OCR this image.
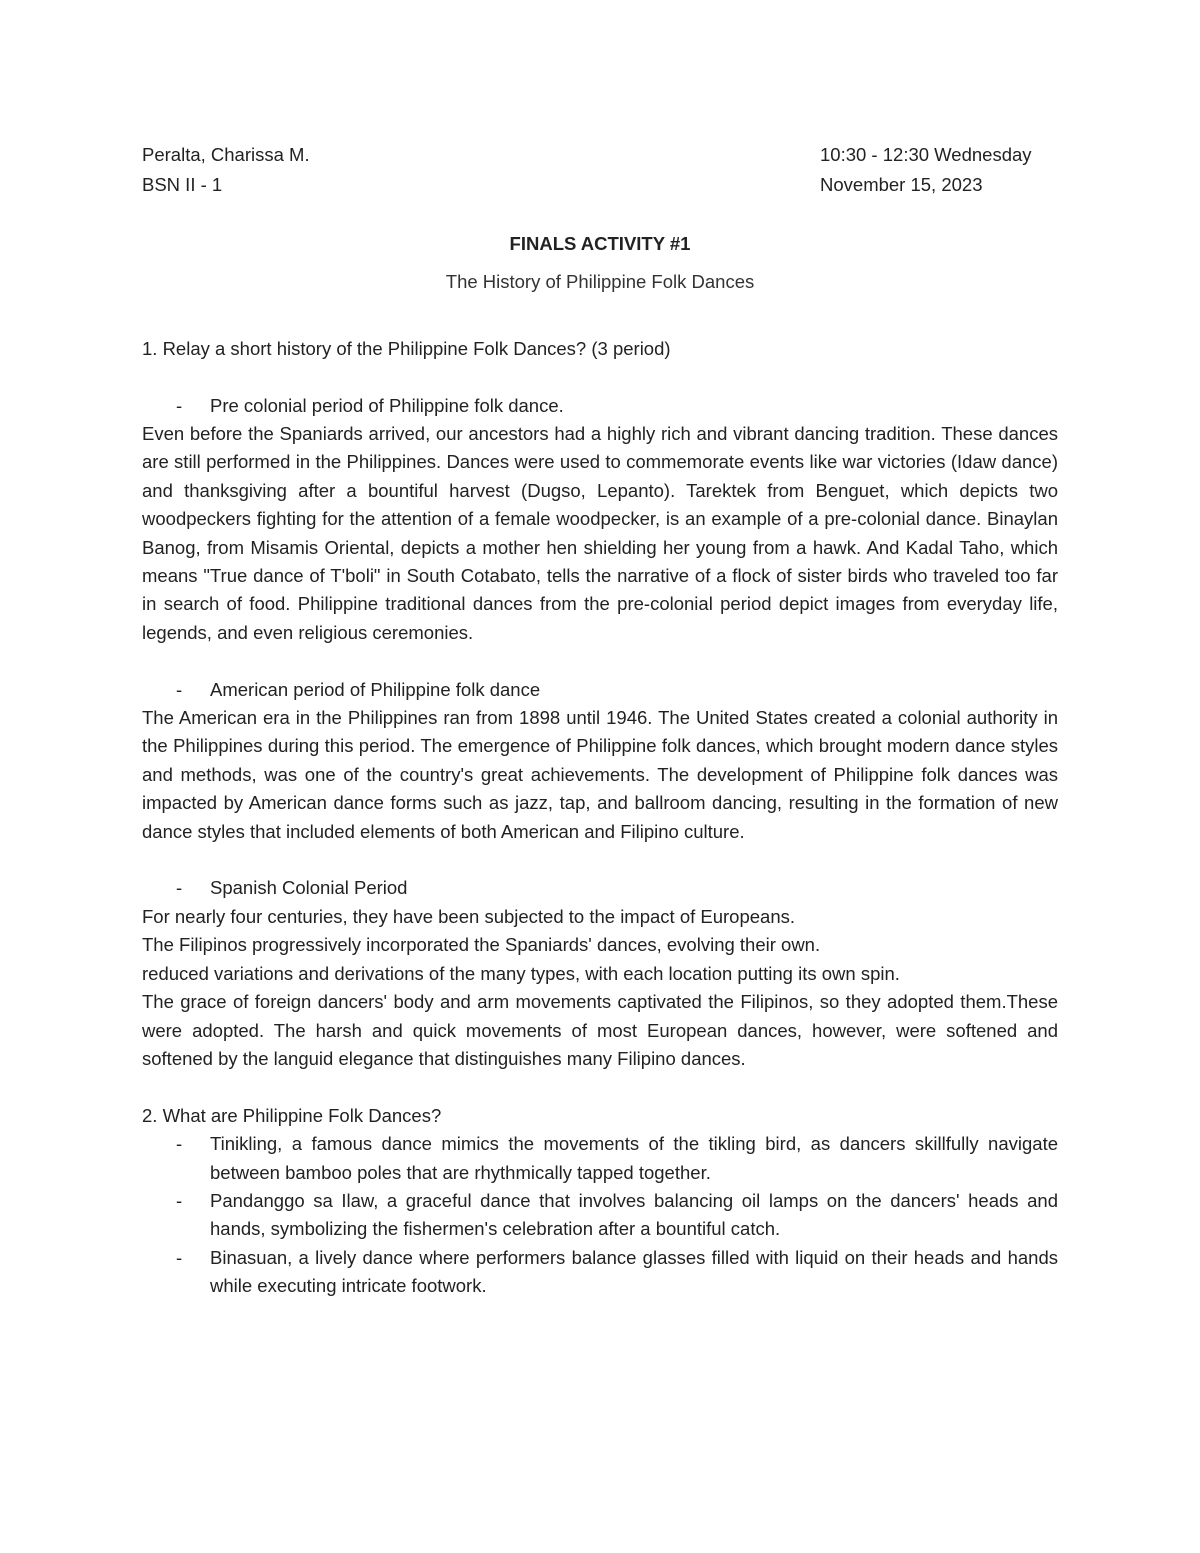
Peralta, Charissa M.	10:30 - 12:30 Wednesday
BSN II - 1	November 15, 2023
FINALS ACTIVITY #1
The History of Philippine Folk Dances
1. Relay a short history of the Philippine Folk Dances? (3 period)
-	Pre colonial period of Philippine folk dance.
Even before the Spaniards arrived, our ancestors had a highly rich and vibrant dancing tradition. These dances are still performed in the Philippines. Dances were used to commemorate events like war victories (Idaw dance) and thanksgiving after a bountiful harvest (Dugso, Lepanto). Tarektek from Benguet, which depicts two woodpeckers fighting for the attention of a female woodpecker, is an example of a pre-colonial dance. Binaylan Banog, from Misamis Oriental, depicts a mother hen shielding her young from a hawk. And Kadal Taho, which means "True dance of T'boli" in South Cotabato, tells the narrative of a flock of sister birds who traveled too far in search of food. Philippine traditional dances from the pre-colonial period depict images from everyday life, legends, and even religious ceremonies.
-	American period of Philippine folk dance
The American era in the Philippines ran from 1898 until 1946. The United States created a colonial authority in the Philippines during this period. The emergence of Philippine folk dances, which brought modern dance styles and methods, was one of the country's great achievements. The development of Philippine folk dances was impacted by American dance forms such as jazz, tap, and ballroom dancing, resulting in the formation of new dance styles that included elements of both American and Filipino culture.
-	Spanish Colonial Period
For nearly four centuries, they have been subjected to the impact of Europeans.
The Filipinos progressively incorporated the Spaniards' dances, evolving their own.
reduced variations and derivations of the many types, with each location putting its own spin.
The grace of foreign dancers' body and arm movements captivated the Filipinos, so they adopted them.These were adopted. The harsh and quick movements of most European dances, however, were softened and softened by the languid elegance that distinguishes many Filipino dances.
2. What are Philippine Folk Dances?
-	Tinikling, a famous dance mimics the movements of the tikling bird, as dancers skillfully navigate between bamboo poles that are rhythmically tapped together.
-	Pandanggo sa Ilaw, a graceful dance that involves balancing oil lamps on the dancers' heads and hands, symbolizing the fishermen's celebration after a bountiful catch.
-	Binasuan, a lively dance where performers balance glasses filled with liquid on their heads and hands while executing intricate footwork.
